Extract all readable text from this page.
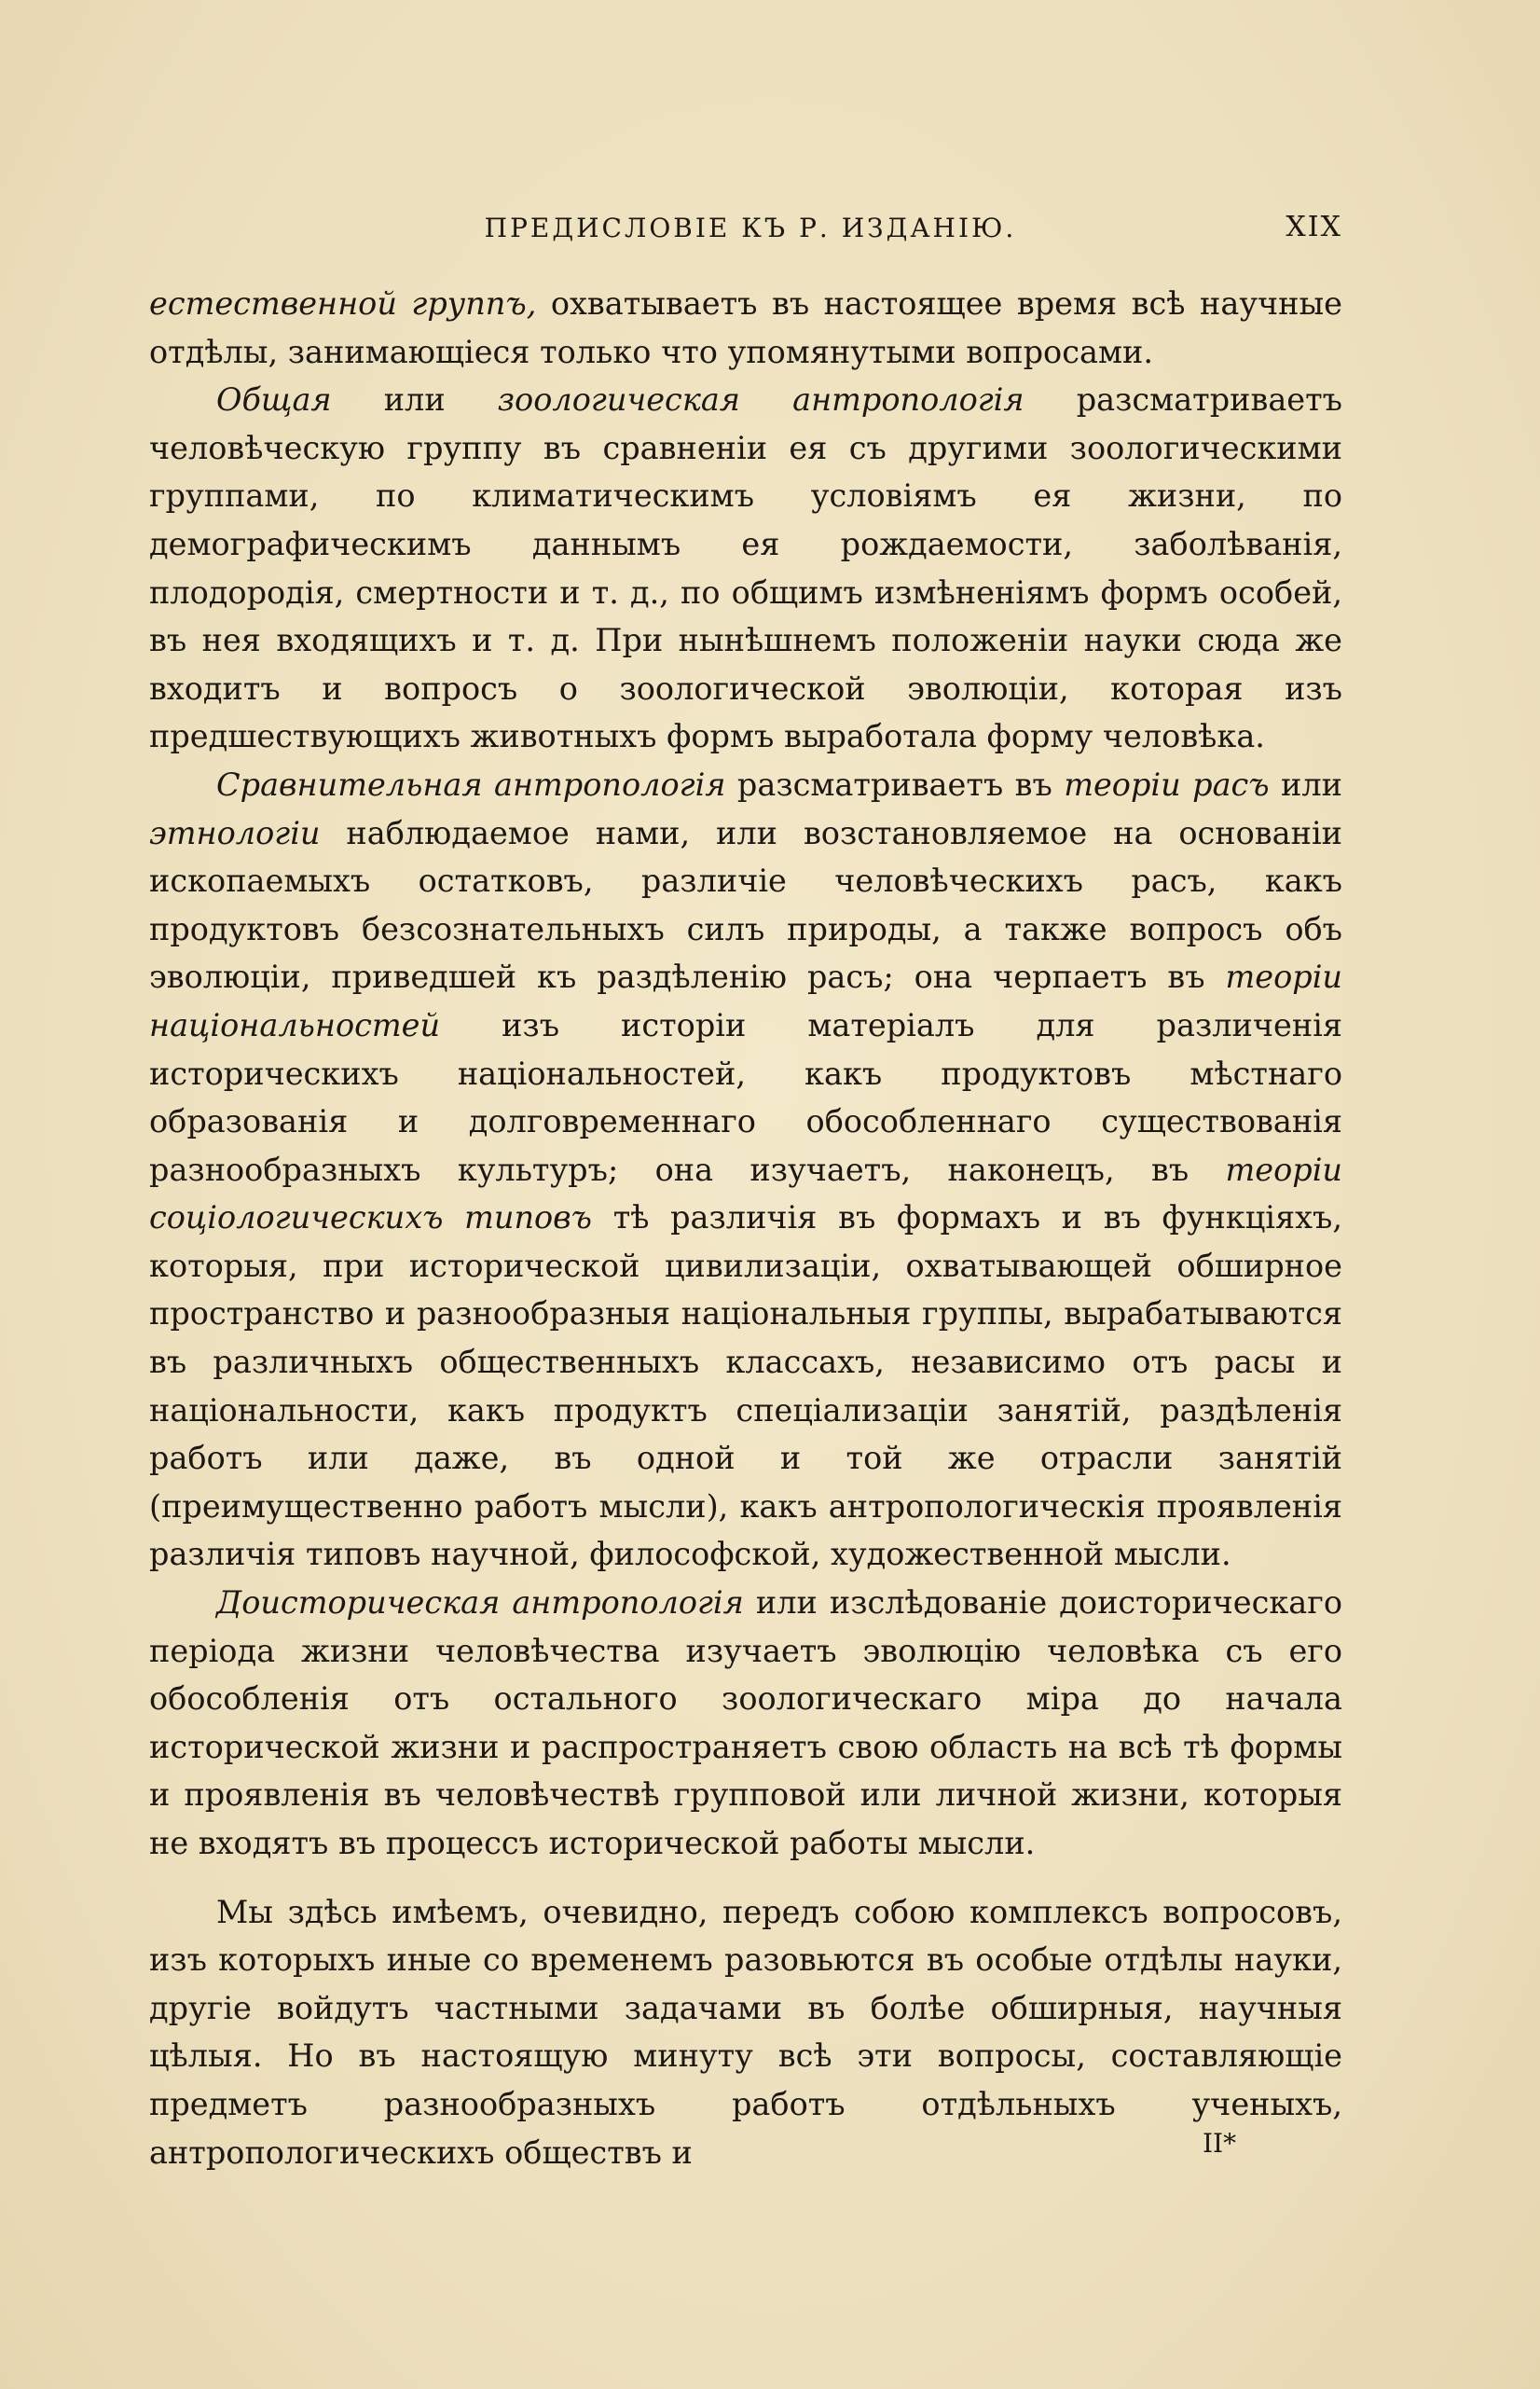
ПРЕДИСЛОВІЕ КЪ Р. ИЗДАНІЮ.	XIX

естественной группъ, охватываетъ въ настоящее время всѣ научные отдѣлы, занимающіеся только что упомянутыми вопросами.

Общая или зоологическая антропологія разсматриваетъ человѣческую группу въ сравненіи ея съ другими зоологическими группами, по климатическимъ условіямъ ея жизни, по демографическимъ даннымъ ея рождаемости, заболѣванія, плодородія, смертности и т. д., по общимъ измѣненіямъ формъ особей, въ нея входящихъ и т. д. При нынѣшнемъ положеніи науки сюда же входитъ и вопросъ о зоологической эволюціи, которая изъ предшествующихъ животныхъ формъ выработала форму человѣка.

Сравнительная антропологія разсматриваетъ въ теоріи расъ или этнологіи наблюдаемое нами, или возстановляемое на основаніи ископаемыхъ остатковъ, различіе человѣческихъ расъ, какъ продуктовъ безсознательныхъ силъ природы, а также вопросъ объ эволюціи, приведшей къ раздѣленію расъ; она черпаетъ въ теоріи національностей изъ исторіи матеріалъ для различенія историческихъ національностей, какъ продуктовъ мѣстнаго образованія и долговременнаго обособленнаго существованія разнообразныхъ культуръ; она изучаетъ, наконецъ, въ теоріи соціологическихъ типовъ тѣ различія въ формахъ и въ функціяхъ, которыя, при исторической цивилизаціи, охватывающей обширное пространство и разнообразныя національныя группы, вырабатываются въ различныхъ общественныхъ классахъ, независимо отъ расы и національности, какъ продуктъ спеціализаціи занятій, раздѣленія работъ или даже, въ одной и той же отрасли занятій (преимущественно работъ мысли), какъ антропологическія проявленія различія типовъ научной, философской, художественной мысли.

Доисторическая антропологія или изслѣдованіе доисторическаго періода жизни человѣчества изучаетъ эволюцію человѣка съ его обособленія отъ остального зоологическаго міра до начала исторической жизни и распространяетъ свою область на всѣ тѣ формы и проявленія въ человѣчествѣ групповой или личной жизни, которыя не входятъ въ процессъ исторической работы мысли.

Мы здѣсь имѣемъ, очевидно, передъ собою комплексъ вопросовъ, изъ которыхъ иные со временемъ разовьются въ особые отдѣлы науки, другіе войдутъ частными задачами въ болѣе обширныя, научныя цѣлыя. Но въ настоящую минуту всѣ эти вопросы, составляющіе предметъ разнообразныхъ работъ отдѣльныхъ ученыхъ, антропологическихъ обществъ и	II*
